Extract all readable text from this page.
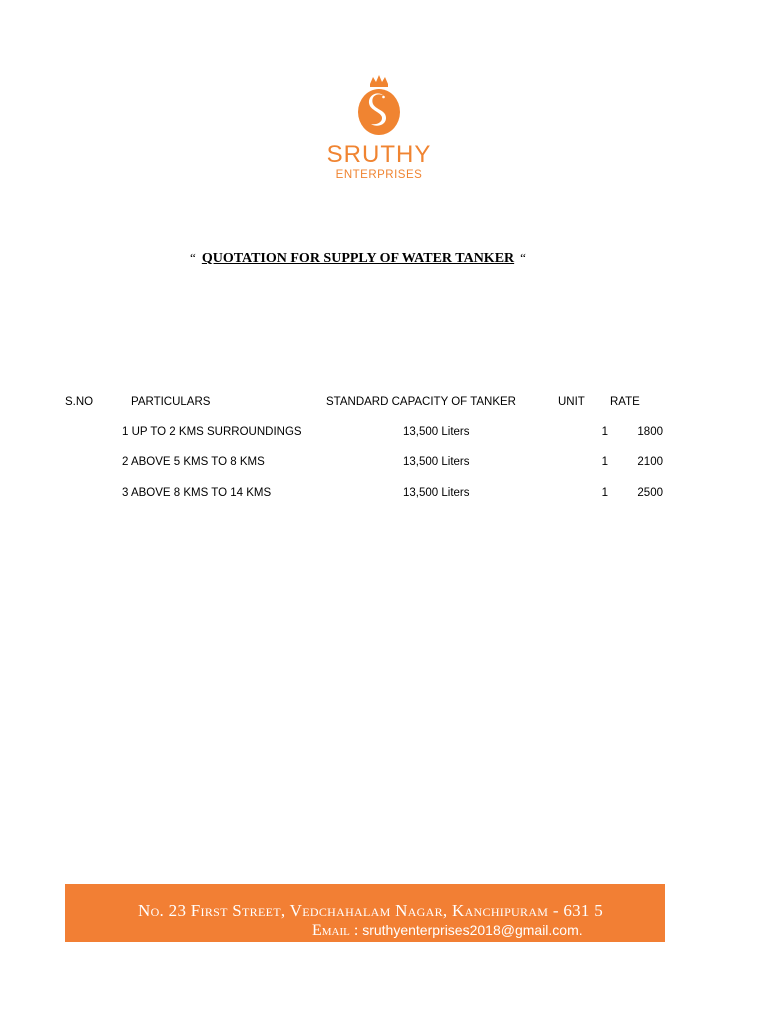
SRUTHY
ENTERPRISES
“ QUOTATION FOR SUPPLY OF WATER TANKER “
S.NO	PARTICULARS	STANDARD CAPACITY OF TANKER	UNIT RATE
1 UP TO 2 KMS SURROUNDINGS	13,500 Liters	1	1800
2 ABOVE 5 KMS TO 8 KMS	13,500 Liters	1	2100
3 ABOVE 8 KMS TO 14 KMS	13,500 Liters	1	2500
No. 23 First Street, Vedchahalam Nagar, Kanchipuram - 631 5
Email : sruthyenterprises2018@gmail.com.
